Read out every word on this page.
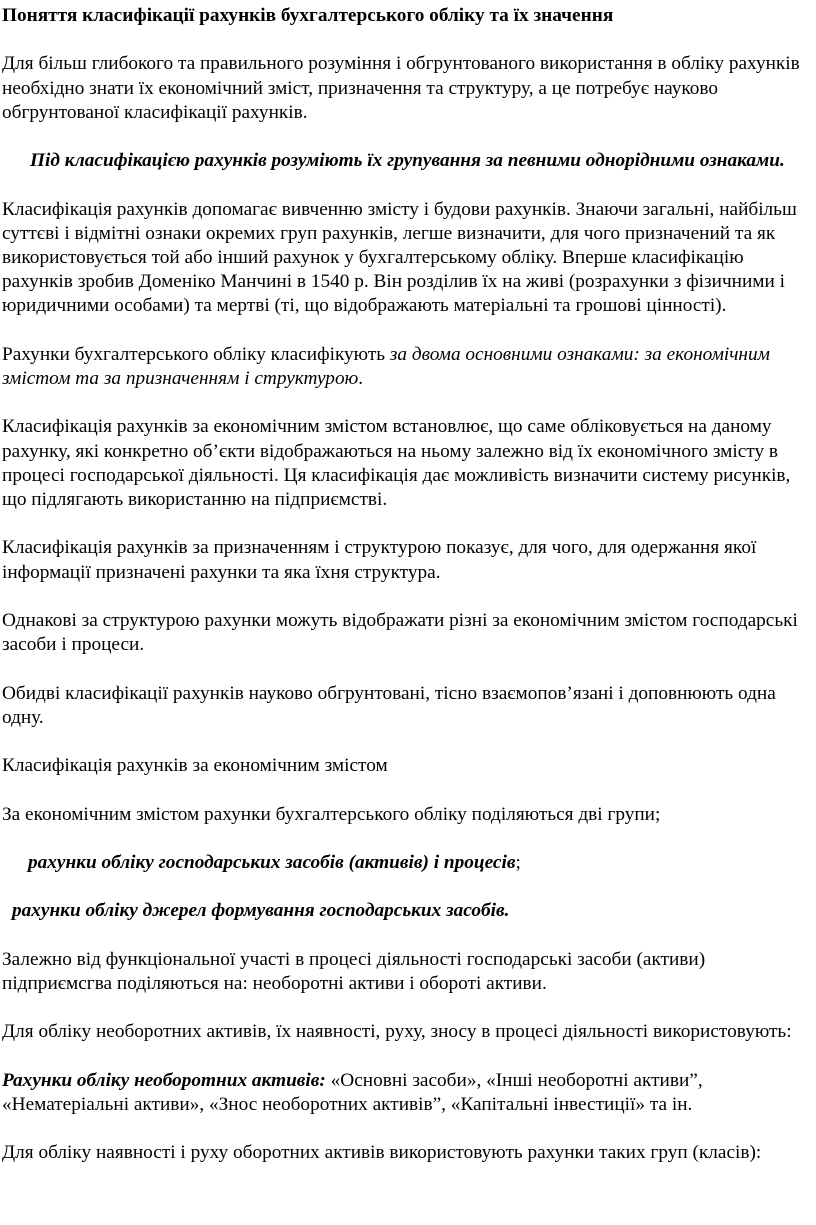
Поняття класифікації рахунків бухгалтерського обліку та їх значення

Для більш глибокого та правильного розуміння і обгрунтованого використання в обліку рахунків необхідно знати їх економічний зміст, призначення та структуру, а це потребує науково обгрунтованої класифікації рахунків.

Під класифікацією рахунків розуміють їх групування за певними однорідними ознаками.

Класифікація рахунків допомагає вивченню змісту і будови рахунків. Знаючи загальні, найбільш суттєві і відмітні ознаки окремих груп рахунків, легше визначити, для чого призначений та як використовується той або інший рахунок у бухгалтерському обліку. Вперше класифікацію рахунків зробив Доменіко Манчині в 1540 р. Він розділив їх на живі (розрахунки з фізичними і юридичними особами) та мертві (ті, що відображають матеріальні та грошові цінності).

Рахунки бухгалтерського обліку класифікують за двома основними ознаками: за економічним змістом та за призначенням і структурою.

Класифікація рахунків за економічним змістом встановлює, що саме обліковується на даному рахунку, які конкретно об’єкти відображаються на ньому залежно від їх економічного змісту в процесі господарської діяльності. Ця класифікація дає можливість визначити систему рисунків, що підлягають використанню на підприємстві.

Класифікація рахунків за призначенням і структурою показує, для чого, для одержання якої інформації призначені рахунки та яка їхня структура.

Однакові за структурою рахунки можуть відображати різні за економічним змістом господарські засоби і процеси.

Обидві класифікації рахунків науково обгрунтовані, тісно взаємопов’язані і доповнюють одна одну.

Класифікація рахунків за економічним змістом

За економічним змістом рахунки бухгалтерського обліку поділяються дві групи;

рахунки обліку господарських засобів (активів) і процесів;

рахунки обліку джерел формування господарських засобів.

Залежно від функціональної участі в процесі діяльності господарські засоби (активи) підприємсгва поділяються на: необоротні активи і обороті активи.

Для обліку необоротних активів, їх наявності, руху, зносу в процесі діяльності використовують:

Рахунки обліку необоротних активів: «Основні засоби», «Інші необоротні активи”, «Нематеріальні активи», «Знос необоротних активів”, «Капітальні інвестиції» та ін.

Для обліку наявності і руху оборотних активів використовують рахунки таких груп (класів):
